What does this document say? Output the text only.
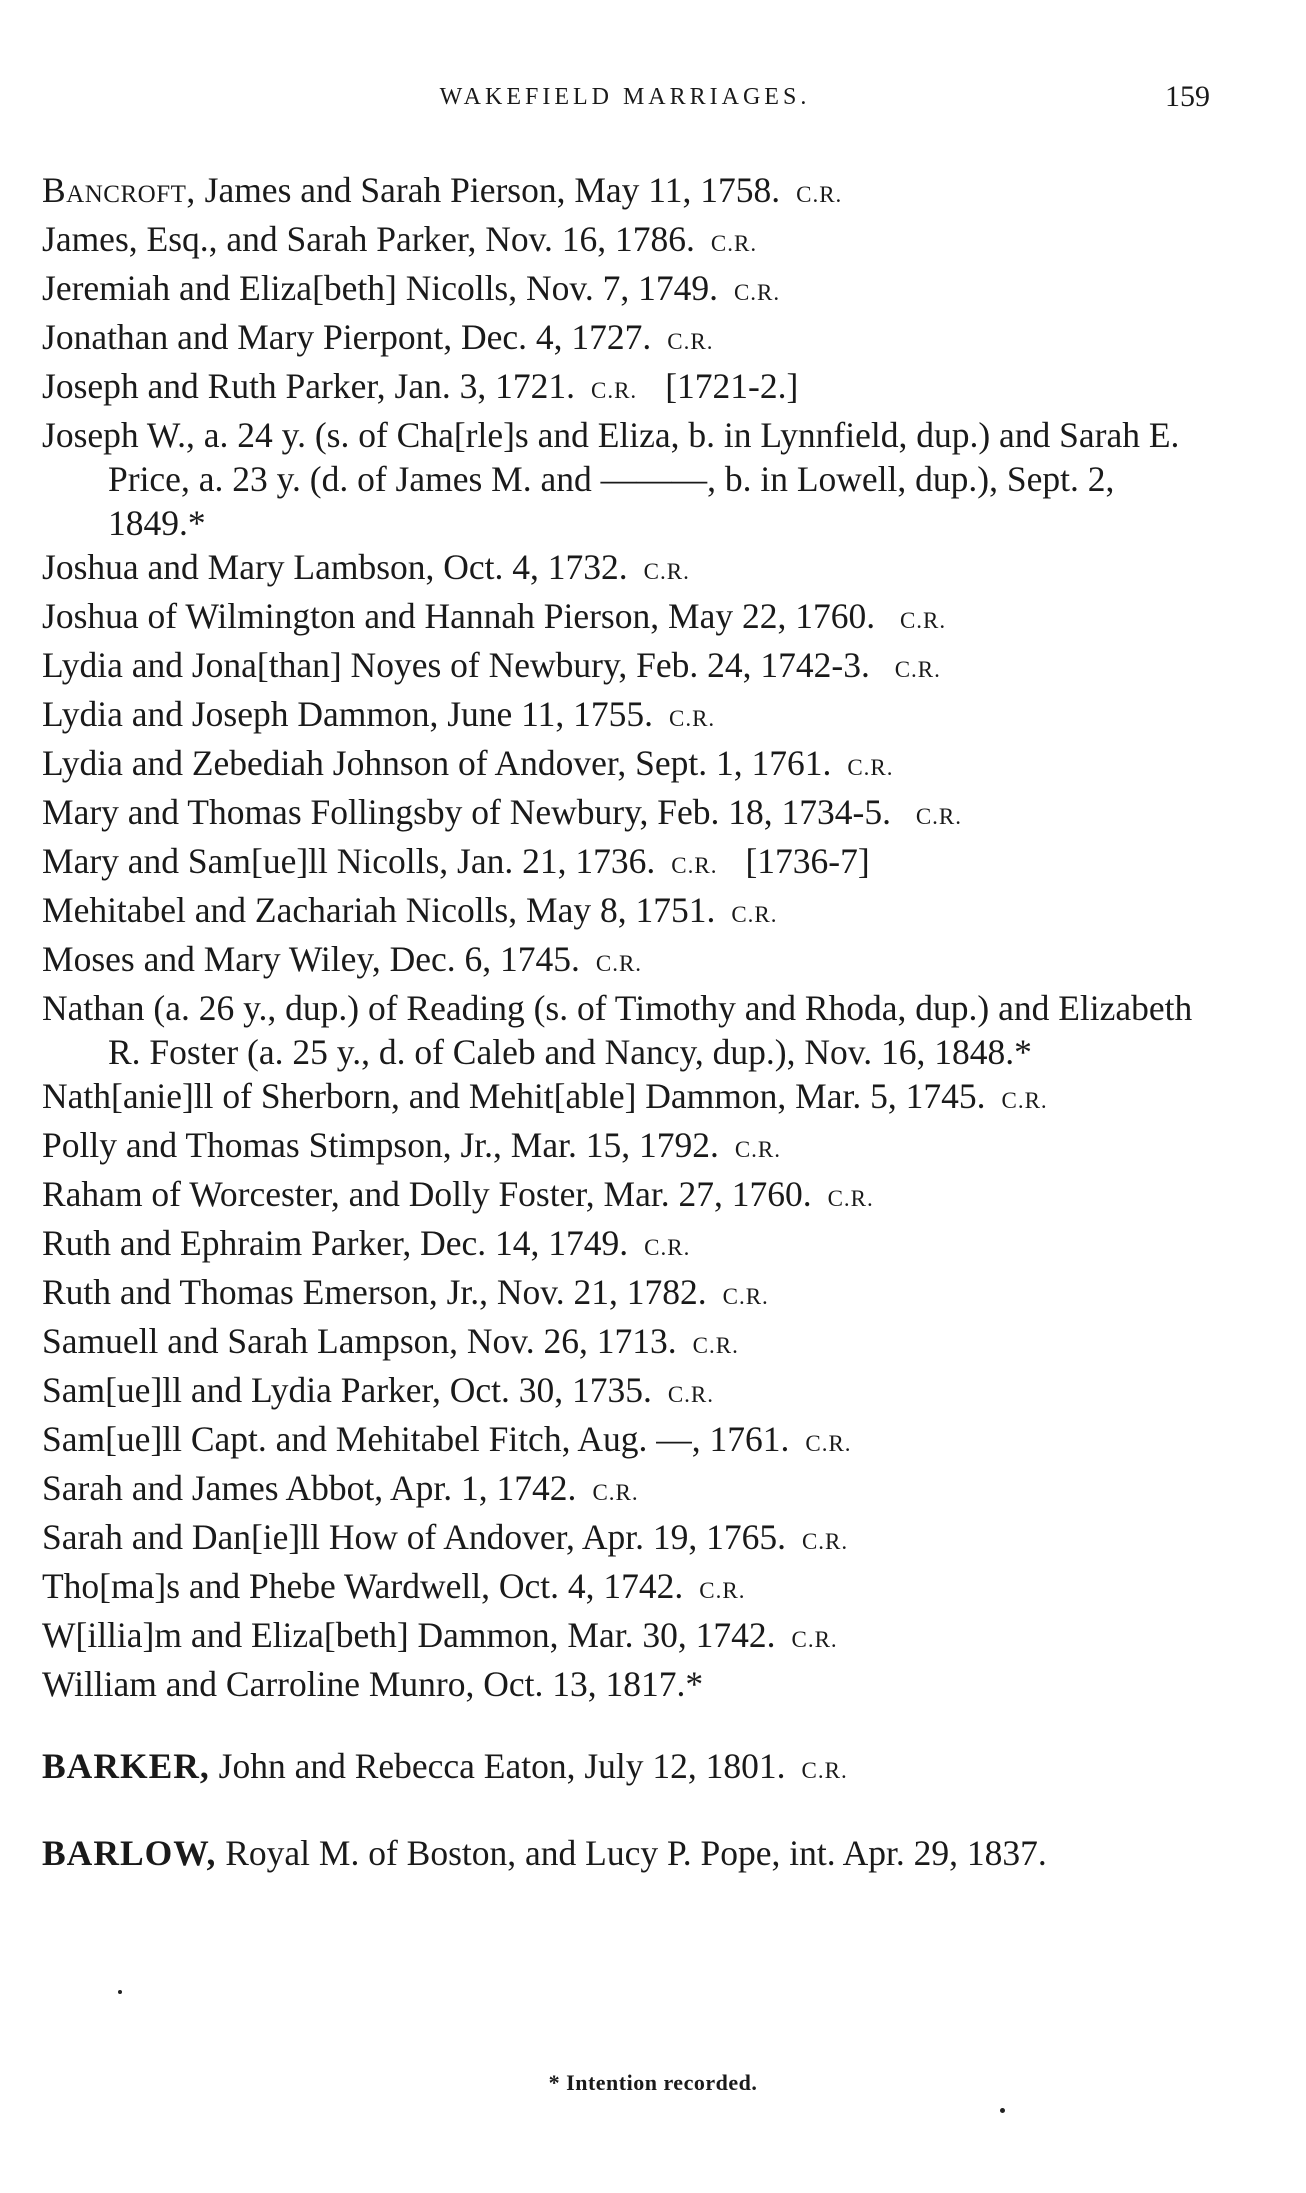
WAKEFIELD MARRIAGES.	159

Bancroft, James and Sarah Pierson, May 11, 1758. C.R.

James, Esq., and Sarah Parker, Nov. 16, 1786. C.R.

Jeremiah and Eliza[beth] Nicolls, Nov. 7, 1749. C.R.

Jonathan and Mary Pierpont, Dec. 4, 1727. C.R.

Joseph and Ruth Parker, Jan. 3, 1721. C.R. [1721-2.]

Joseph W., a. 24 y. (s. of Cha[rle]s and Eliza, b. in Lynnfield, dup.) and Sarah E. Price, a. 23 y. (d. of James M. and ———, b. in Lowell, dup.), Sept. 2, 1849.*

Joshua and Mary Lambson, Oct. 4, 1732. C.R.

Joshua of Wilmington and Hannah Pierson, May 22, 1760. C.R.

Lydia and Jona[than] Noyes of Newbury, Feb. 24, 1742-3. C.R.

Lydia and Joseph Dammon, June 11, 1755. C.R.

Lydia and Zebediah Johnson of Andover, Sept. 1, 1761. C.R.

Mary and Thomas Follingsby of Newbury, Feb. 18, 1734-5. C.R.

Mary and Sam[ue]ll Nicolls, Jan. 21, 1736. C.R. [1736-7]

Mehitabel and Zachariah Nicolls, May 8, 1751. C.R.

Moses and Mary Wiley, Dec. 6, 1745. C.R.

Nathan (a. 26 y., dup.) of Reading (s. of Timothy and Rhoda, dup.) and Elizabeth R. Foster (a. 25 y., d. of Caleb and Nancy, dup.), Nov. 16, 1848.*

Nath[anie]ll of Sherborn, and Mehit[able] Dammon, Mar. 5, 1745. C.R.

Polly and Thomas Stimpson, Jr., Mar. 15, 1792. C.R.

Raham of Worcester, and Dolly Foster, Mar. 27, 1760. C.R.

Ruth and Ephraim Parker, Dec. 14, 1749. C.R.

Ruth and Thomas Emerson, Jr., Nov. 21, 1782. C.R.

Samuell and Sarah Lampson, Nov. 26, 1713. C.R.

Sam[ue]ll and Lydia Parker, Oct. 30, 1735. C.R.

Sam[ue]ll Capt. and Mehitabel Fitch, Aug. —, 1761. C.R.

Sarah and James Abbot, Apr. 1, 1742. C.R.

Sarah and Dan[ie]ll How of Andover, Apr. 19, 1765. C.R.

Tho[ma]s and Phebe Wardwell, Oct. 4, 1742. C.R.

W[illia]m and Eliza[beth] Dammon, Mar. 30, 1742. C.R.

William and Carroline Munro, Oct. 13, 1817.*

BARKER, John and Rebecca Eaton, July 12, 1801. C.R.

BARLOW, Royal M. of Boston, and Lucy P. Pope, int. Apr. 29, 1837.

* Intention recorded.
